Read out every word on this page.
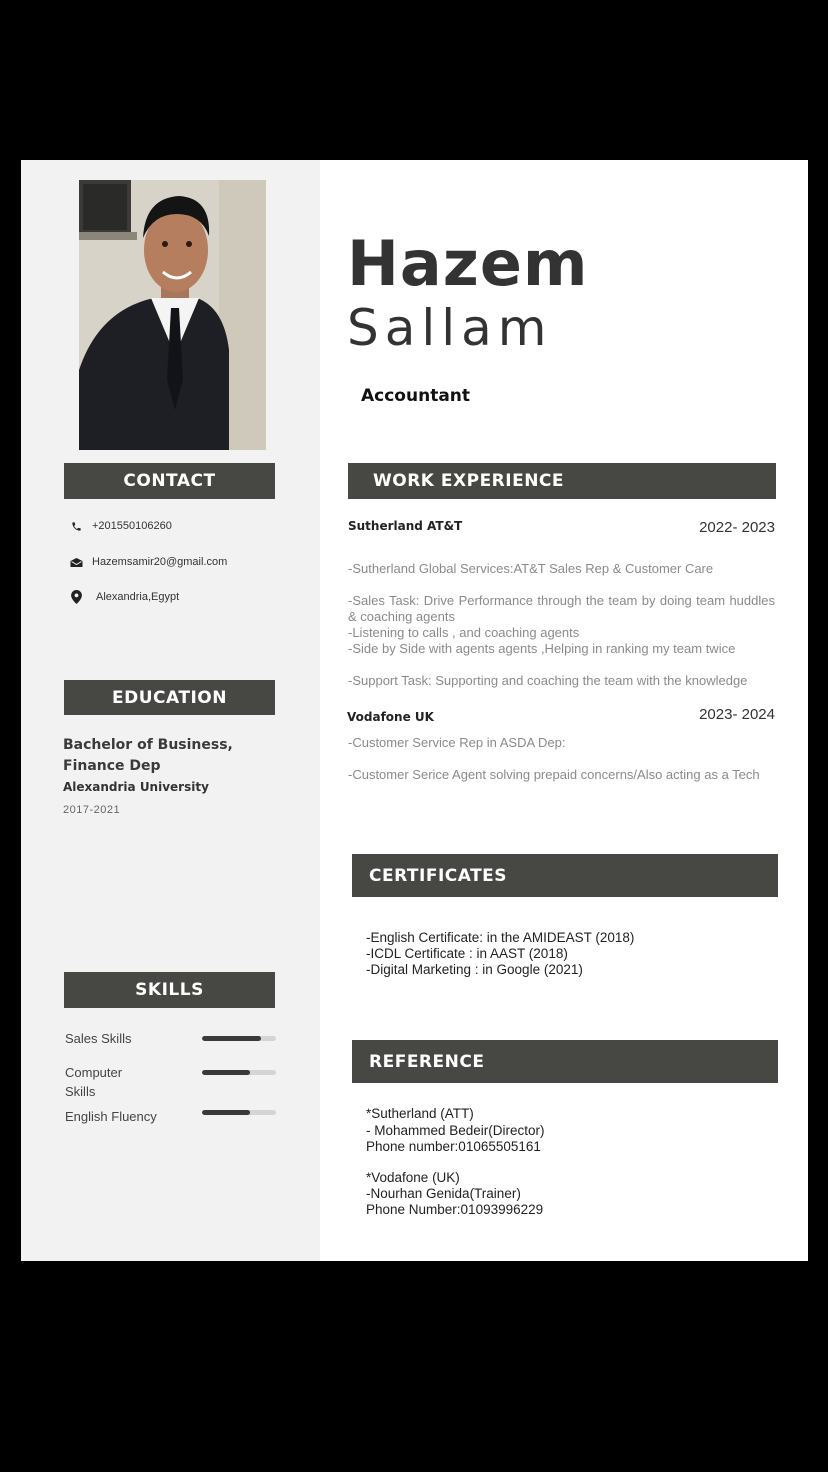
CONTACT
+201550106260
Hazemsamir20@gmail.com
Alexandria,Egypt
EDUCATION
Bachelor of Business, Finance Dep
Alexandria University
2017-2021
SKILLS
Sales Skills
Computer Skills
English Fluency
Hazem
Sallam
Accountant
WORK EXPERIENCE
Sutherland AT&T	2022- 2023
-Sutherland Global Services:AT&T Sales Rep & Customer Care
-Sales Task: Drive Performance through the team by doing team huddles & coaching agents
-Listening to calls , and coaching agents
-Side by Side with agents agents ,Helping in ranking my team twice
-Support Task: Supporting and coaching the team with the knowledge
Vodafone UK	2023- 2024
-Customer Service Rep in ASDA Dep:
-Customer Serice Agent solving prepaid concerns/Also acting as a Tech
CERTIFICATES
-English Certificate: in the AMIDEAST (2018)
-ICDL Certificate : in AAST (2018)
-Digital Marketing : in Google (2021)
REFERENCE
*Sutherland (ATT)
- Mohammed Bedeir(Director)
Phone number:01065505161
*Vodafone (UK)
-Nourhan Genida(Trainer)
Phone Number:01093996229
